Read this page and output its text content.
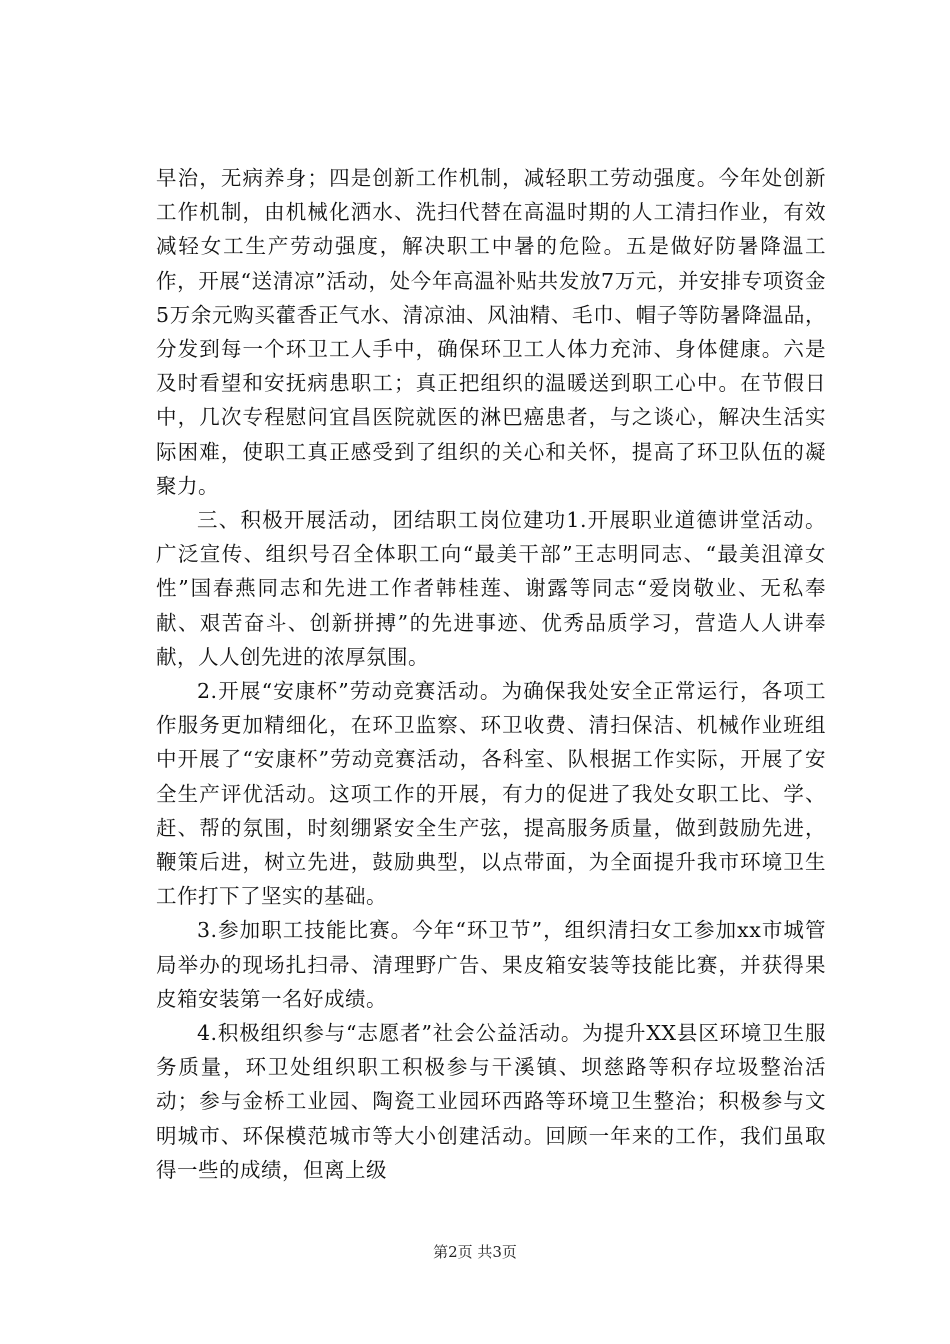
早治，无病养身；四是创新工作机制，减轻职工劳动强度。今年处创新工作机制，由机械化洒水、洗扫代替在高温时期的人工清扫作业，有效减轻女工生产劳动强度，解决职工中暑的危险。五是做好防暑降温工作，开展“送清凉”活动，处今年高温补贴共发放7万元，并安排专项资金5万余元购买藿香正气水、清凉油、风油精、毛巾、帽子等防暑降温品，分发到每一个环卫工人手中，确保环卫工人体力充沛、身体健康。六是及时看望和安抚病患职工；真正把组织的温暖送到职工心中。在节假日中，几次专程慰问宜昌医院就医的淋巴癌患者，与之谈心，解决生活实际困难，使职工真正感受到了组织的关心和关怀，提高了环卫队伍的凝聚力。

三、积极开展活动，团结职工岗位建功1.开展职业道德讲堂活动。广泛宣传、组织号召全体职工向“最美干部”王志明同志、“最美沮漳女性”国春燕同志和先进工作者韩桂莲、谢露等同志“爱岗敬业、无私奉献、艰苦奋斗、创新拼搏”的先进事迹、优秀品质学习，营造人人讲奉献，人人创先进的浓厚氛围。

2.开展“安康杯”劳动竞赛活动。为确保我处安全正常运行，各项工作服务更加精细化，在环卫监察、环卫收费、清扫保洁、机械作业班组中开展了“安康杯”劳动竞赛活动，各科室、队根据工作实际，开展了安全生产评优活动。这项工作的开展，有力的促进了我处女职工比、学、赶、帮的氛围，时刻绷紧安全生产弦，提高服务质量，做到鼓励先进，鞭策后进，树立先进，鼓励典型，以点带面，为全面提升我市环境卫生工作打下了坚实的基础。

3.参加职工技能比赛。今年“环卫节”，组织清扫女工参加xx市城管局举办的现场扎扫帚、清理野广告、果皮箱安装等技能比赛，并获得果皮箱安装第一名好成绩。

4.积极组织参与“志愿者”社会公益活动。为提升XX县区环境卫生服务质量，环卫处组织职工积极参与干溪镇、坝慈路等积存垃圾整治活动；参与金桥工业园、陶瓷工业园环西路等环境卫生整治；积极参与文明城市、环保模范城市等大小创建活动。回顾一年来的工作，我们虽取得一些的成绩，但离上级

第2页 共3页
